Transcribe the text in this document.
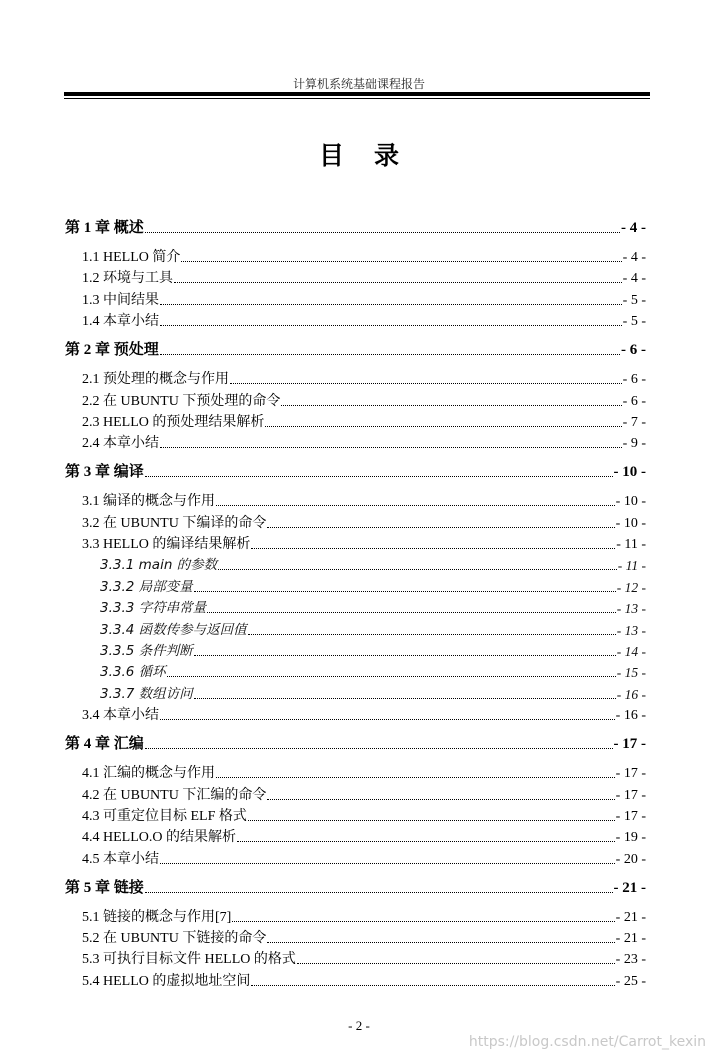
计算机系统基础课程报告
目录
第 1 章 概述	- 4 -
1.1 HELLO 简介	- 4 -
1.2 环境与工具	- 4 -
1.3 中间结果	- 5 -
1.4 本章小结	- 5 -
第 2 章 预处理	- 6 -
2.1 预处理的概念与作用	- 6 -
2.2 在 UBUNTU 下预处理的命令	- 6 -
2.3 HELLO 的预处理结果解析	- 7 -
2.4 本章小结	- 9 -
第 3 章 编译	- 10 -
3.1 编译的概念与作用	- 10 -
3.2 在 UBUNTU 下编译的命令	- 10 -
3.3 HELLO 的编译结果解析	- 11 -
3.3.1 main 的参数	- 11 -
3.3.2 局部变量	- 12 -
3.3.3 字符串常量	- 13 -
3.3.4 函数传参与返回值	- 13 -
3.3.5 条件判断	- 14 -
3.3.6 循环	- 15 -
3.3.7 数组访问	- 16 -
3.4 本章小结	- 16 -
第 4 章 汇编	- 17 -
4.1 汇编的概念与作用	- 17 -
4.2 在 UBUNTU 下汇编的命令	- 17 -
4.3 可重定位目标 ELF 格式	- 17 -
4.4 HELLO.O 的结果解析	- 19 -
4.5 本章小结	- 20 -
第 5 章 链接	- 21 -
5.1 链接的概念与作用[7]	- 21 -
5.2 在 UBUNTU 下链接的命令	- 21 -
5.3 可执行目标文件 HELLO 的格式	- 23 -
5.4 HELLO 的虚拟地址空间	- 25 -
- 2 -
https://blog.csdn.net/Carrot_kexin
